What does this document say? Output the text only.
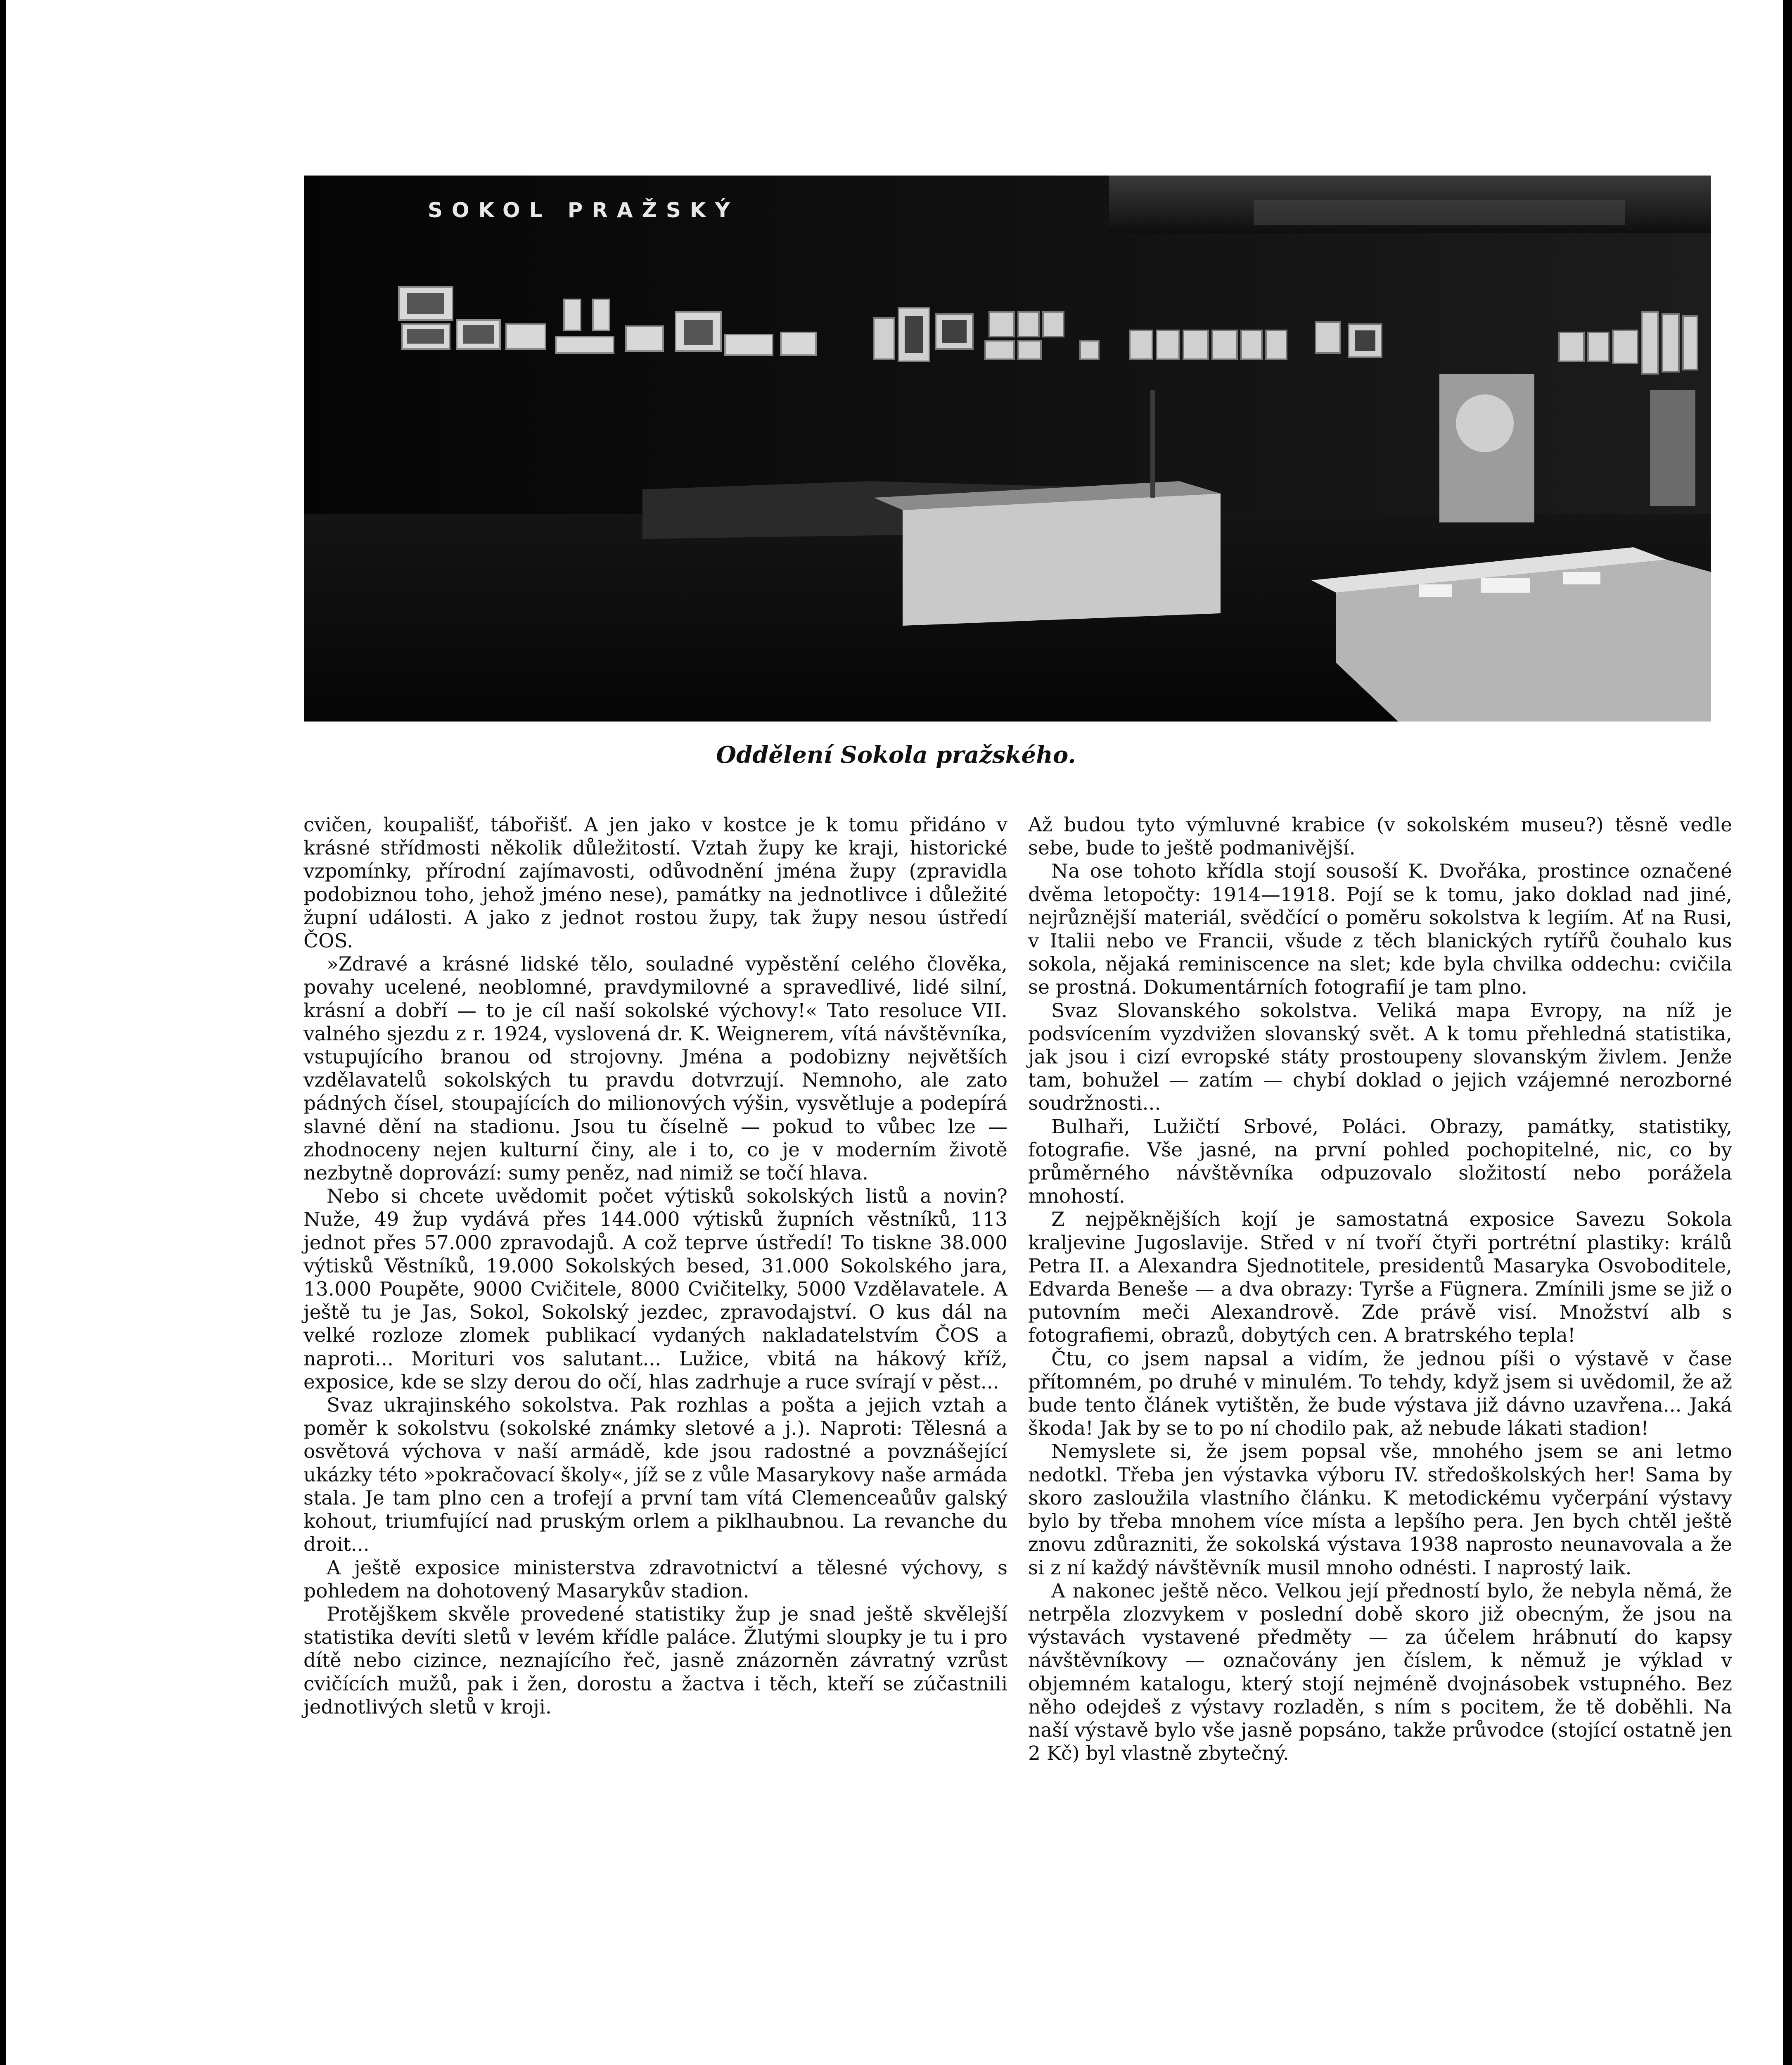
SOKOL PRAŽSKÝ
Oddělení Sokola pražského.

cvičen, koupališť, tábořišť. A jen jako v kostce je k tomu přidáno v krásné střídmosti několik důležitostí. Vztah župy ke kraji, historické vzpomínky, přírodní zajímavosti, odůvodnění jména župy (zpravidla podobiznou toho, jehož jméno nese), památky na jednotlivce i důležité župní události. A jako z jednot rostou župy, tak župy nesou ústředí ČOS.

»Zdravé a krásné lidské tělo, souladné vypěstění celého člověka, povahy ucelené, neoblomné, pravdymilovné a spravedlivé, lidé silní, krásní a dobří — to je cíl naší sokolské výchovy!« Tato resoluce VII. valného sjezdu z r. 1924, vyslovená dr. K. Weignerem, vítá návštěvníka, vstupujícího branou od strojovny. Jména a podobizny největších vzdělavatelů sokolských tu pravdu dotvrzují. Nemnoho, ale zato pádných čísel, stoupajících do milionových výšin, vysvětluje a podepírá slavné dění na stadionu. Jsou tu číselně — pokud to vůbec lze — zhodnoceny nejen kulturní činy, ale i to, co je v moderním životě nezbytně doprovází: sumy peněz, nad nimiž se točí hlava.

Nebo si chcete uvědomit počet výtisků sokolských listů a novin? Nuže, 49 žup vydává přes 144.000 výtisků župních věstníků, 113 jednot přes 57.000 zpravodajů. A což teprve ústředí! To tiskne 38.000 výtisků Věstníků, 19.000 Sokolských besed, 31.000 Sokolského jara, 13.000 Poupěte, 9000 Cvičitele, 8000 Cvičitelky, 5000 Vzdělavatele. A ještě tu je Jas, Sokol, Sokolský jezdec, zpravodajství. O kus dál na velké rozloze zlomek publikací vydaných nakladatelstvím ČOS a naproti... Morituri vos salutant... Lužice, vbitá na hákový kříž, exposice, kde se slzy derou do očí, hlas zadrhuje a ruce svírají v pěst...

Svaz ukrajinského sokolstva. Pak rozhlas a pošta a jejich vztah a poměr k sokolstvu (sokolské známky sletové a j.). Naproti: Tělesná a osvětová výchova v naší armádě, kde jsou radostné a povznášející ukázky této »pokračovací školy«, jíž se z vůle Masarykovy naše armáda stala. Je tam plno cen a trofejí a první tam vítá Clemenceaůův galský kohout, triumfující nad pruským orlem a piklhaubnou. La revanche du droit...

A ještě exposice ministerstva zdravotnictví a tělesné výchovy, s pohledem na dohotovený Masarykův stadion.

Protějškem skvěle provedené statistiky žup je snad ještě skvělejší statistika devíti sletů v levém křídle paláce. Žlutými sloupky je tu i pro dítě nebo cizince, neznajícího řeč, jasně znázorněn závratný vzrůst cvičících mužů, pak i žen, dorostu a žactva i těch, kteří se zúčastnili jednotlivých sletů v kroji.

Až budou tyto výmluvné krabice (v sokolském museu?) těsně vedle sebe, bude to ještě podmanivější.

Na ose tohoto křídla stojí sousoší K. Dvořáka, prostince označené dvěma letopočty: 1914—1918. Pojí se k tomu, jako doklad nad jiné, nejrůznější materiál, svědčící o poměru sokolstva k legiím. Ať na Rusi, v Italii nebo ve Francii, všude z těch blanických rytířů čouhalo kus sokola, nějaká reminiscence na slet; kde byla chvilka oddechu: cvičila se prostná. Dokumentárních fotografií je tam plno.

Svaz Slovanského sokolstva. Veliká mapa Evropy, na níž je podsvícením vyzdvižen slovanský svět. A k tomu přehledná statistika, jak jsou i cizí evropské státy prostoupeny slovanským živlem. Jenže tam, bohužel — zatím — chybí doklad o jejich vzájemné nerozborné soudržnosti...

Bulhaři, Lužičtí Srbové, Poláci. Obrazy, památky, statistiky, fotografie. Vše jasné, na první pohled pochopitelné, nic, co by průměrného návštěvníka odpuzovalo složitostí nebo porážela mnohostí.

Z nejpěknějších kojí je samostatná exposice Savezu Sokola kraljevine Jugoslavije. Střed v ní tvoří čtyři portrétní plastiky: králů Petra II. a Alexandra Sjednotitele, presidentů Masaryka Osvoboditele, Edvarda Beneše — a dva obrazy: Tyrše a Fügnera. Zmínili jsme se již o putovním meči Alexandrově. Zde právě visí. Množství alb s fotografiemi, obrazů, dobytých cen. A bratrského tepla!

Čtu, co jsem napsal a vidím, že jednou píši o výstavě v čase přítomném, po druhé v minulém. To tehdy, když jsem si uvědomil, že až bude tento článek vytištěn, že bude výstava již dávno uzavřena... Jaká škoda! Jak by se to po ní chodilo pak, až nebude lákati stadion!

Nemyslete si, že jsem popsal vše, mnohého jsem se ani letmo nedotkl. Třeba jen výstavka výboru IV. středoškolských her! Sama by skoro zasloužila vlastního článku. K metodickému vyčerpání výstavy bylo by třeba mnohem více místa a lepšího pera. Jen bych chtěl ještě znovu zdůrazniti, že sokolská výstava 1938 naprosto neunavovala a že si z ní každý návštěvník musil mnoho odnésti. I naprostý laik.

A nakonec ještě něco. Velkou její předností bylo, že nebyla němá, že netrpěla zlozvykem v poslední době skoro již obecným, že jsou na výstavách vystavené předměty — za účelem hrábnutí do kapsy návštěvníkovy — označovány jen číslem, k němuž je výklad v objemném katalogu, který stojí nejméně dvojnásobek vstupného. Bez něho odejdeš z výstavy rozladěn, s ním s pocitem, že tě doběhli. Na naší výstavě bylo vše jasně popsáno, takže průvodce (stojící ostatně jen 2 Kč) byl vlastně zbytečný.
